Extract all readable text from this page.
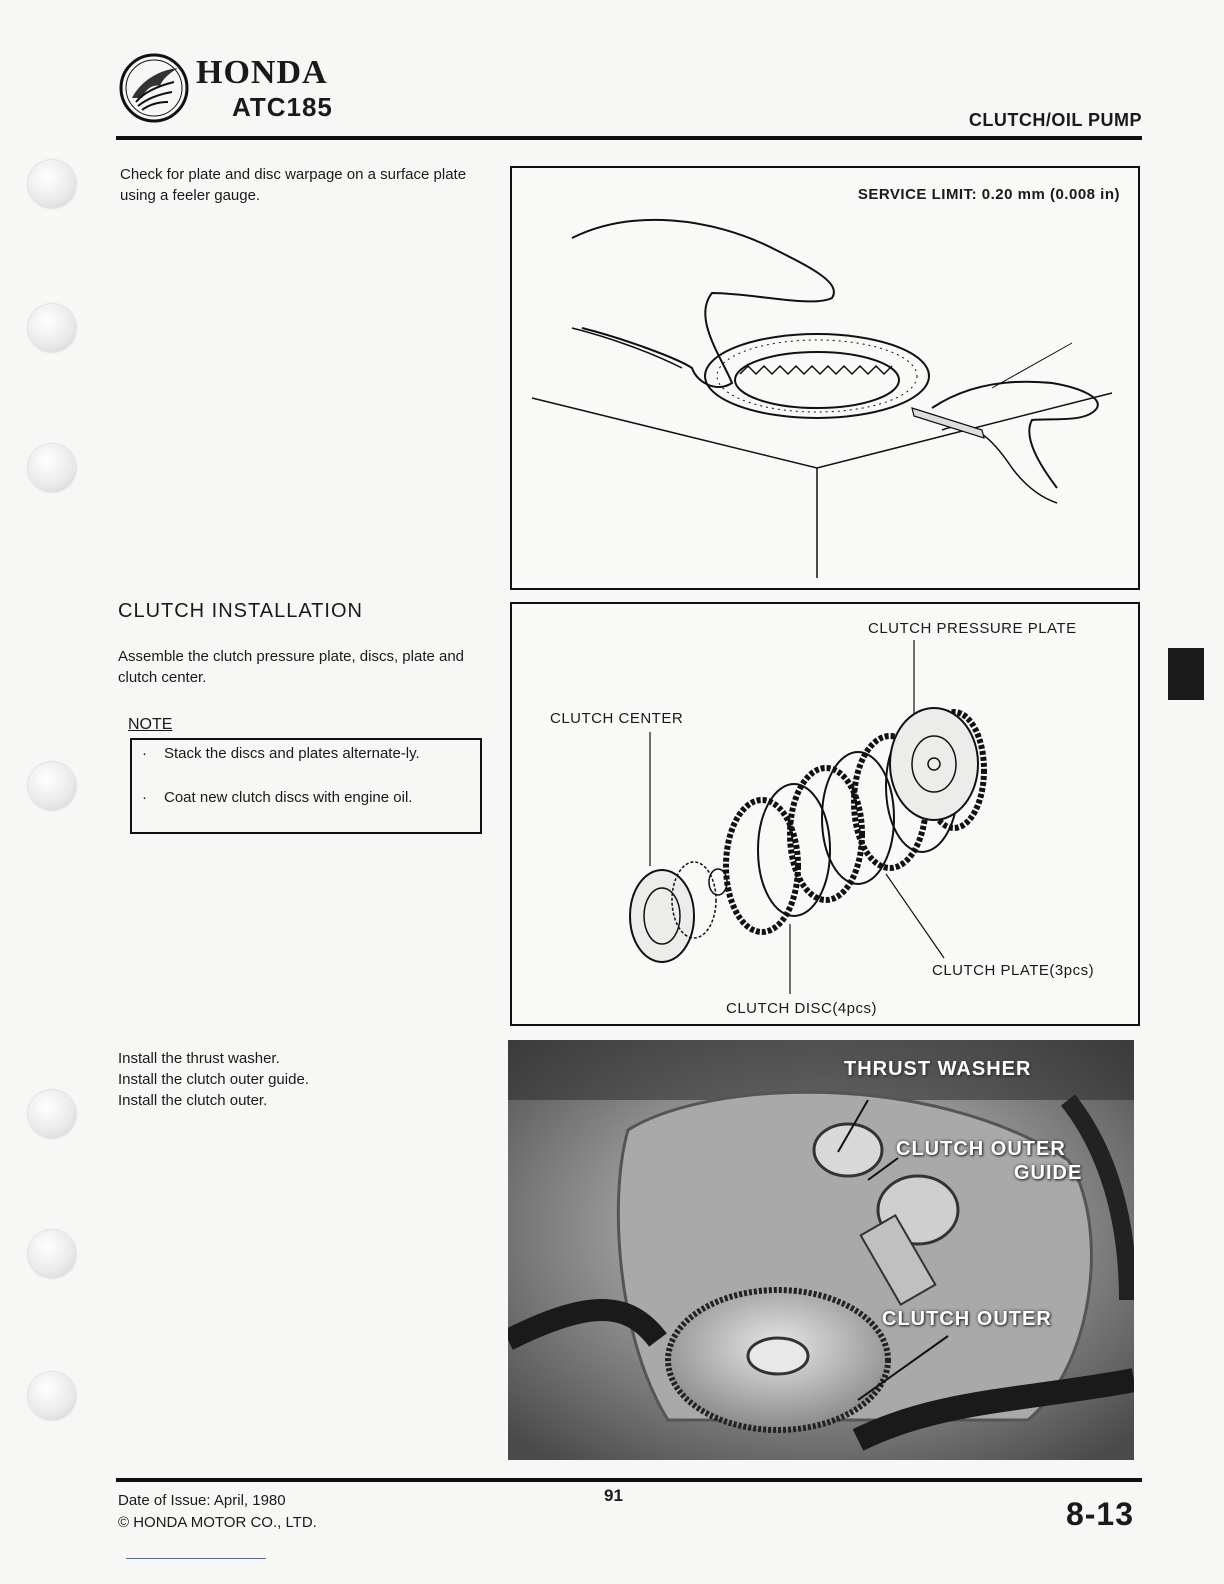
HONDA
ATC185	CLUTCH/OIL PUMP
Check for plate and disc warpage on a surface plate using a feeler gauge.	SERVICE LIMIT: 0.20 mm (0.008 in)
CLUTCH INSTALLATION
Assemble the clutch pressure plate, discs, plate and clutch center.
NOTE
· Stack the discs and plates alternate-ly.
· Coat new clutch discs with engine oil.
CLUTCH PRESSURE PLATE
CLUTCH CENTER
CLUTCH PLATE(3pcs)
CLUTCH DISC(4pcs)
Install the thrust washer.
Install the clutch outer guide.
Install the clutch outer.
THRUST WASHER
CLUTCH OUTER
GUIDE
CLUTCH OUTER
Date of Issue: April, 1980
© HONDA MOTOR CO., LTD.
91
8-13
